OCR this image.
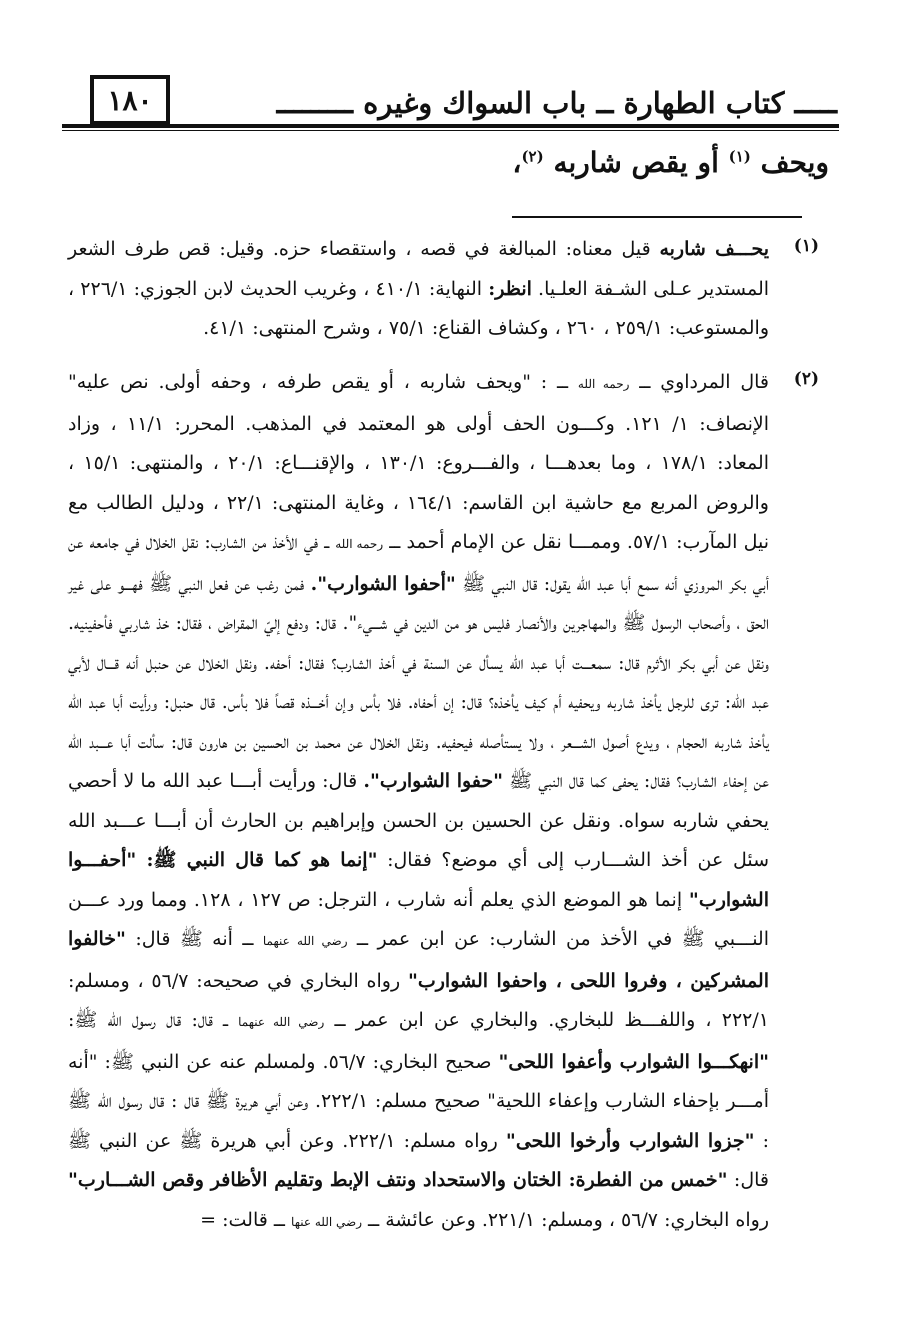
١٨٠	ـــــ كتاب الطهارة ــ باب السواك وغيره ـــــــــ
ويحف $^{(١)}$ أو يقص شاربه $^{(٢)}$،
(١)
يحـــف شاربه قيل معناه: المبالغة في قصه ، واستقصاء حزه. وقيل: قص طرف الشعر المستدير عـلى الشـفة العلـيا. انظر: النهاية: ٤١٠/١ ، وغريب الحديث لابن الجوزي: ٢٢٦/١ ، والمستوعب: ٢٥٩/١ ، ٢٦٠ ، وكشاف القناع: ٧٥/١ ، وشرح المنتهى: ٤١/١.
(٢)
قال المرداوي ــ رحمه الله ــ : "ويحف شاربه ، أو يقص طرفه ، وحفه أولى. نص عليه" الإنصاف: ١/ ١٢١. وكـــون الحف أولى هو المعتمد في المذهب. المحرر: ١١/١ ، وزاد المعاد: ١٧٨/١ ، وما بعدهـــا ، والفـــروع: ١٣٠/١ ، والإقنـــاع: ٢٠/١ ، والمنتهى: ١٥/١ ، والروض المربع مع حاشية ابن القاسم: ١٦٤/١ ، وغاية المنتهى: ٢٢/١ ، ودليل الطالب مع نيل المآرب: ٥٧/١. وممـــا نقل عن الإمام أحمد ــ رحمه الله ــ في الأخذ من الشارب: نقل الخلال في جامعه عن أبي بكر المروزي أنه سمع أبا عبد الله يقول: قال النبي ﷺ "أحفوا الشوارب". فمن رغب عن فعل النبي ﷺ فهـــو على غير الحق ، وأصحاب الرسول ﷺ والمهاجرين والأنصار فليس هو من الدين في شـــيء". قال: ودفع إليّ المقراض ، فقال: خذ شاربي فأحفينيه. ونقل عن أبي بكر الأثرم قال: سمعـــت أبا عبد الله يسأل عن السنة في أخذ الشارب؟ فقال: أحفه. ونقل الخلال عن حنبل أنه قـــال لأبي عبد الله: ترى للرجل يأخذ شاربه ويحفيه أم كيف يأخذه؟ قال: إن أحفاه. فلا بأس وإن أخـــذه قصاً فلا بأس. قال حنبل: ورأيت أبا عبد الله يأخذ شاربه الحجام ، ويدع أصول الشـــعر ، ولا يستأصله فيحفيه. ونقل الخلال عن محمد بن الحسين بن هارون قال: سألت أبا عـــبد الله عن إحفاء الشارب؟ فقال: يحفى كما قال النبي ﷺ "حفوا الشوارب". قال: ورأيت أبـــا عبد الله ما لا أحصي يحفي شاربه سواه. ونقل عن الحسين بن الحسن وإبراهيم بن الحارث أن أبـــا عـــبد الله سئل عن أخذ الشـــارب إلى أي موضع؟ فقال: "إنما هو كما قال النبي ﷺ: "أحفـــوا الشوارب" إنما هو الموضع الذي يعلم أنه شارب ، الترجل: ص ١٢٧ ، ١٢٨. ومما ورد عـــن النـــبي ﷺ في الأخذ من الشارب: عن ابن عمر ــ رضي الله عنهما ــ أنه ﷺ قال: "خالفوا المشركين ، وفروا اللحى ، واحفوا الشوارب" رواه البخاري في صحيحه: ٥٦/٧ ، ومسلم: ٢٢٢/١ ، واللفـــظ للبخاري. والبخاري عن ابن عمر ــ رضي الله عنهما ــ قال: قال رسول الله ﷺ: "انهكـــوا الشوارب وأعفوا اللحى" صحيح البخاري: ٥٦/٧. ولمسلم عنه عن النبي ﷺ: "أنه أمـــر بإحفاء الشارب وإعفاء اللحية" صحيح مسلم: ٢٢٢/١. وعن أبي هريرة ﷺ قال : قال رسول الله ﷺ : "جزوا الشوارب وأرخوا اللحى" رواه مسلم: ٢٢٢/١. وعن أبي هريرة ﷺ عن النبي ﷺ قال: "خمس من الفطرة: الختان والاستحداد ونتف الإبط وتقليم الأظافر وقص الشـــارب" رواه البخاري: ٥٦/٧ ، ومسلم: ٢٢١/١. وعن عائشة ــ رضي الله عنها ــ قالت: =
